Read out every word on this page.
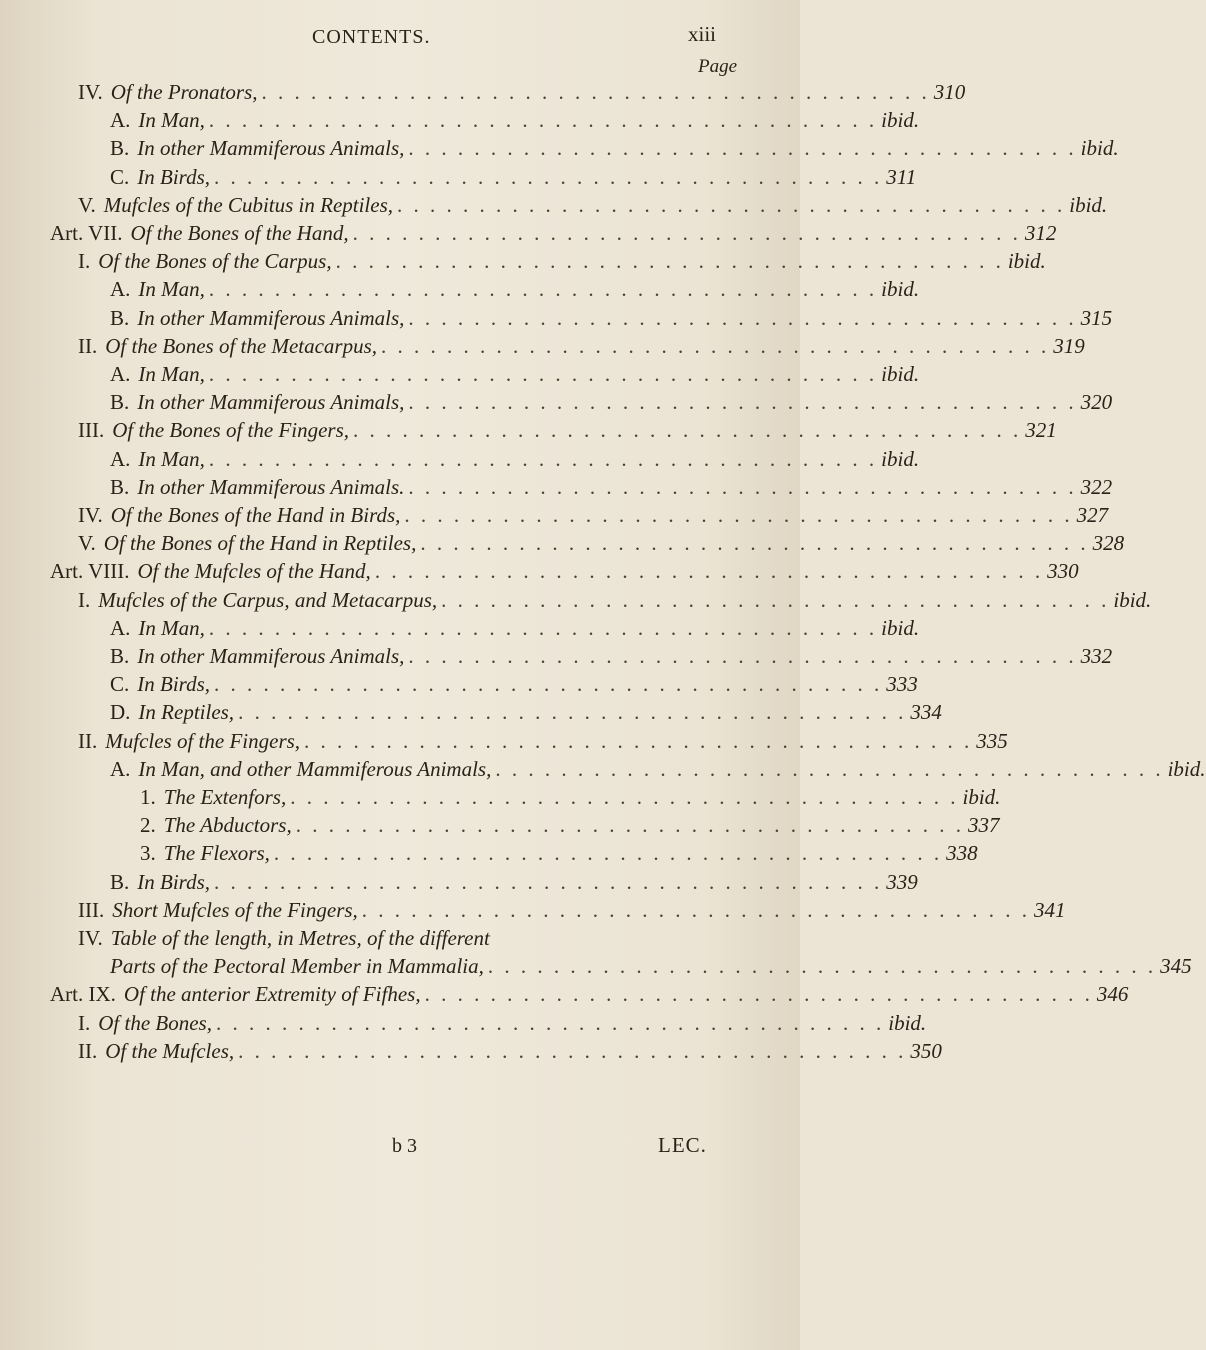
CONTENTS.	xiii
Page
IV. Of the Pronators, . . . . . . . . . . . . . . . . . . . . . . . . . . . . . . . . . . . . . . . . . 310
A. In Man, . . . . . . . . . . . . . . . . . . . . . . . . . . . . . . . . . . . . . . . . . ibid.
B. In other Mammiferous Animals, . . . . . . . . . . . . . . . . . . . . . . . . . . . . . . . . . . . . . . . . . ibid.
C. In Birds, . . . . . . . . . . . . . . . . . . . . . . . . . . . . . . . . . . . . . . . . . 311
V. Mufcles of the Cubitus in Reptiles, . . . . . . . . . . . . . . . . . . . . . . . . . . . . . . . . . . . . . . . . . ibid.
Art. VII. Of the Bones of the Hand, . . . . . . . . . . . . . . . . . . . . . . . . . . . . . . . . . . . . . . . . . 312
I. Of the Bones of the Carpus, . . . . . . . . . . . . . . . . . . . . . . . . . . . . . . . . . . . . . . . . . ibid.
A. In Man, . . . . . . . . . . . . . . . . . . . . . . . . . . . . . . . . . . . . . . . . . ibid.
B. In other Mammiferous Animals, . . . . . . . . . . . . . . . . . . . . . . . . . . . . . . . . . . . . . . . . . 315
II. Of the Bones of the Metacarpus, . . . . . . . . . . . . . . . . . . . . . . . . . . . . . . . . . . . . . . . . . 319
A. In Man, . . . . . . . . . . . . . . . . . . . . . . . . . . . . . . . . . . . . . . . . . ibid.
B. In other Mammiferous Animals, . . . . . . . . . . . . . . . . . . . . . . . . . . . . . . . . . . . . . . . . . 320
III. Of the Bones of the Fingers, . . . . . . . . . . . . . . . . . . . . . . . . . . . . . . . . . . . . . . . . . 321
A. In Man, . . . . . . . . . . . . . . . . . . . . . . . . . . . . . . . . . . . . . . . . . ibid.
B. In other Mammiferous Animals. . . . . . . . . . . . . . . . . . . . . . . . . . . . . . . . . . . . . . . . . . 322
IV. Of the Bones of the Hand in Birds, . . . . . . . . . . . . . . . . . . . . . . . . . . . . . . . . . . . . . . . . . 327
V. Of the Bones of the Hand in Reptiles, . . . . . . . . . . . . . . . . . . . . . . . . . . . . . . . . . . . . . . . . . 328
Art. VIII. Of the Mufcles of the Hand, . . . . . . . . . . . . . . . . . . . . . . . . . . . . . . . . . . . . . . . . . 330
I. Mufcles of the Carpus, and Metacarpus, . . . . . . . . . . . . . . . . . . . . . . . . . . . . . . . . . . . . . . . . . ibid.
A. In Man, . . . . . . . . . . . . . . . . . . . . . . . . . . . . . . . . . . . . . . . . . ibid.
B. In other Mammiferous Animals, . . . . . . . . . . . . . . . . . . . . . . . . . . . . . . . . . . . . . . . . . 332
C. In Birds, . . . . . . . . . . . . . . . . . . . . . . . . . . . . . . . . . . . . . . . . . 333
D. In Reptiles, . . . . . . . . . . . . . . . . . . . . . . . . . . . . . . . . . . . . . . . . . 334
II. Mufcles of the Fingers, . . . . . . . . . . . . . . . . . . . . . . . . . . . . . . . . . . . . . . . . . 335
A. In Man, and other Mammiferous Animals, . . . . . . . . . . . . . . . . . . . . . . . . . . . . . . . . . . . . . . . . . ibid.
1. The Extenfors, . . . . . . . . . . . . . . . . . . . . . . . . . . . . . . . . . . . . . . . . . ibid.
2. The Abductors, . . . . . . . . . . . . . . . . . . . . . . . . . . . . . . . . . . . . . . . . . 337
3. The Flexors, . . . . . . . . . . . . . . . . . . . . . . . . . . . . . . . . . . . . . . . . . 338
B. In Birds, . . . . . . . . . . . . . . . . . . . . . . . . . . . . . . . . . . . . . . . . . 339
III. Short Mufcles of the Fingers, . . . . . . . . . . . . . . . . . . . . . . . . . . . . . . . . . . . . . . . . . 341
IV. Table of the length, in Metres, of the different
Parts of the Pectoral Member in Mammalia, . . . . . . . . . . . . . . . . . . . . . . . . . . . . . . . . . . . . . . . . . 345
Art. IX. Of the anterior Extremity of Fifhes, . . . . . . . . . . . . . . . . . . . . . . . . . . . . . . . . . . . . . . . . . 346
I. Of the Bones, . . . . . . . . . . . . . . . . . . . . . . . . . . . . . . . . . . . . . . . . . ibid.
II. Of the Mufcles, . . . . . . . . . . . . . . . . . . . . . . . . . . . . . . . . . . . . . . . . . 350
b 3	LEC.
